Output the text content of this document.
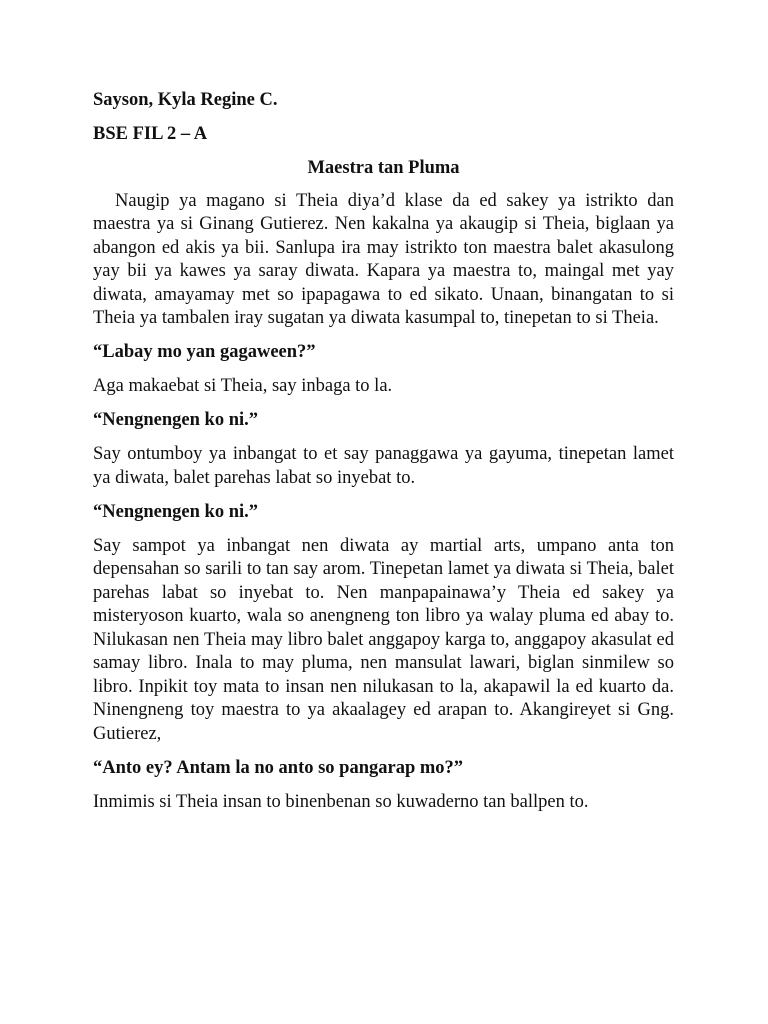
Sayson, Kyla Regine C.
BSE FIL 2 – A
Maestra tan Pluma

Naugip ya magano si Theia diya’d klase da ed sakey ya istrikto dan maestra ya si Ginang Gutierez. Nen kakalna ya akaugip si Theia, biglaan ya abangon ed akis ya bii. Sanlupa ira may istrikto ton maestra balet akasulong yay bii ya kawes ya saray diwata. Kapara ya maestra to, maingal met yay diwata, amayamay met so ipapagawa to ed sikato. Unaan, binangatan to si Theia ya tambalen iray sugatan ya diwata kasumpal to, tinepetan to si Theia.

“Labay mo yan gagaween?”

Aga makaebat si Theia, say inbaga to la.

“Nengnengen ko ni.”

Say ontumboy ya inbangat to et say panaggawa ya gayuma, tinepetan lamet ya diwata, balet parehas labat so inyebat to.

“Nengnengen ko ni.”

Say sampot ya inbangat nen diwata ay martial arts, umpano anta ton depensahan so sarili to tan say arom. Tinepetan lamet ya diwata si Theia, balet parehas labat so inyebat to. Nen manpapainawa’y Theia ed sakey ya misteryoson kuarto, wala so anengneng ton libro ya walay pluma ed abay to. Nilukasan nen Theia may libro balet anggapoy karga to, anggapoy akasulat ed samay libro. Inala to may pluma, nen mansulat lawari, biglan sinmilew so libro. Inpikit toy mata to insan nen nilukasan to la, akapawil la ed kuarto da. Ninengneng toy maestra to ya akaalagey ed arapan to. Akangireyet si Gng. Gutierez,

“Anto ey? Antam la no anto so pangarap mo?”

Inmimis si Theia insan to binenbenan so kuwaderno tan ballpen to.
